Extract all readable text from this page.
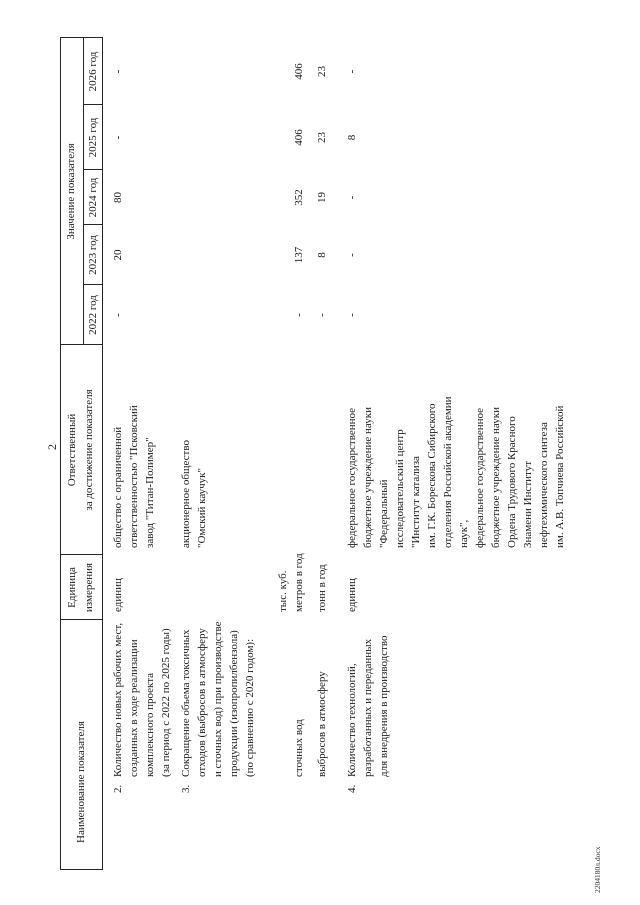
2
Наименование показателя
Единица измерения
Ответственный за достижение показателя
Значение показателя
2022 год
2023 год
2024 год
2025 год
2026 год
2.
Количество новых рабочих мест, созданных в ходе реализации комплексного проекта (за период с 2022 по 2025 годы)
единиц
общество с ограниченной ответственностью "Псковский завод "Титан-Полимер"
-
20
80
-
-
3.
Сокращение объема токсичных отходов (выбросов в атмосферу и сточных вод) при производстве продукции (изопропилбензола) (по сравнению с 2020 годом):
акционерное общество "Омский каучук"
сточных вод
тыс. куб. метров в год
-
137
352
406
406
выбросов в атмосферу
тонн в год
-
8
19
23
23
4.
Количество технологий, разработанных и переданных для внедрения в производство
единиц
федеральное государственное бюджетное учреждение науки "Федеральный исследовательский центр "Институт катализа им. Г.К. Борескова Сибирского отделения Российской академии наук", федеральное государственное бюджетное учреждение науки Ордена Трудового Красного Знамени Институт нефтехимического синтеза им. А.В. Топчиева Российской
-
-
-
8
-
2204180л.docx
